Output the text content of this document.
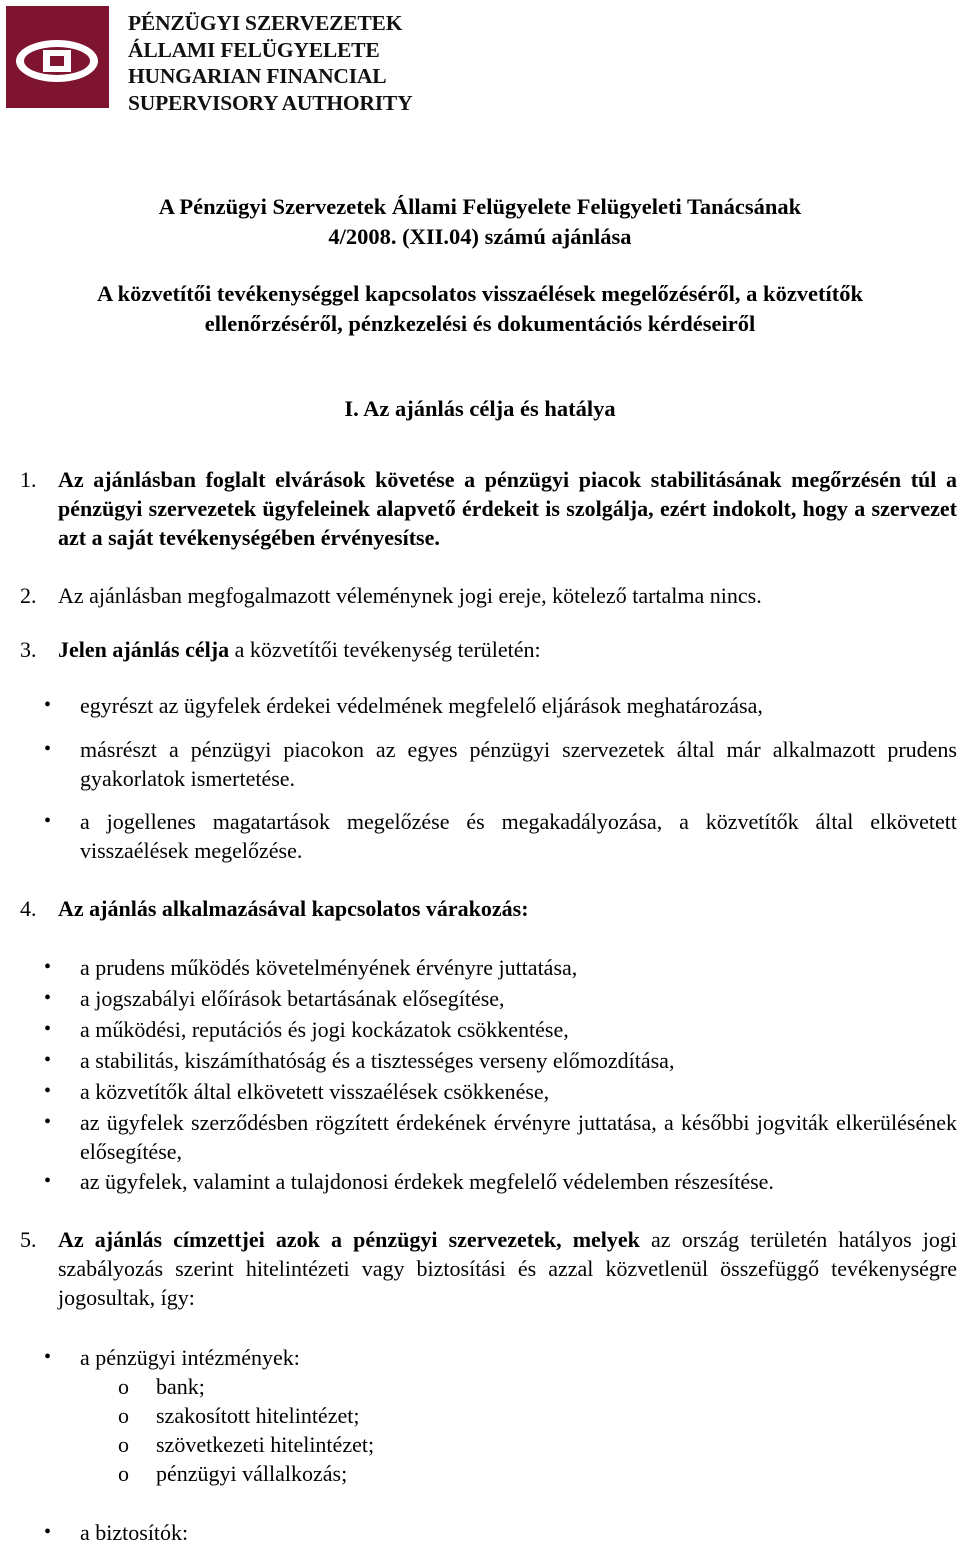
PÉNZÜGYI SZERVEZETEK
ÁLLAMI FELÜGYELETE
HUNGARIAN FINANCIAL
SUPERVISORY AUTHORITY
A Pénzügyi Szervezetek Állami Felügyelete Felügyeleti Tanácsának
4/2008. (XII.04) számú ajánlása
A közvetítői tevékenységgel kapcsolatos visszaélések megelőzéséről, a közvetítők
ellenőrzéséről, pénzkezelési és dokumentációs kérdéseiről
I. Az ajánlás célja és hatálya
1. Az ajánlásban foglalt elvárások követése a pénzügyi piacok stabilitásának megőrzésén túl a pénzügyi szervezetek ügyfeleinek alapvető érdekeit is szolgálja, ezért indokolt, hogy a szervezet azt a saját tevékenységében érvényesítse.
2. Az ajánlásban megfogalmazott véleménynek jogi ereje, kötelező tartalma nincs.
3. Jelen ajánlás célja a közvetítői tevékenység területén:
• egyrészt az ügyfelek érdekei védelmének megfelelő eljárások meghatározása,
• másrészt a pénzügyi piacokon az egyes pénzügyi szervezetek által már alkalmazott prudens gyakorlatok ismertetése.
• a jogellenes magatartások megelőzése és megakadályozása, a közvetítők által elkövetett visszaélések megelőzése.
4. Az ajánlás alkalmazásával kapcsolatos várakozás:
• a prudens működés követelményének érvényre juttatása,
• a jogszabályi előírások betartásának elősegítése,
• a működési, reputációs és jogi kockázatok csökkentése,
• a stabilitás, kiszámíthatóság és a tisztességes verseny előmozdítása,
• a közvetítők által elkövetett visszaélések csökkenése,
• az ügyfelek szerződésben rögzített érdekének érvényre juttatása, a későbbi jogviták elkerülésének elősegítése,
• az ügyfelek, valamint a tulajdonosi érdekek megfelelő védelemben részesítése.
5. Az ajánlás címzettjei azok a pénzügyi szervezetek, melyek az ország területén hatályos jogi szabályozás szerint hitelintézeti vagy biztosítási és azzal közvetlenül összefüggő tevékenységre jogosultak, így:
• a pénzügyi intézmények:
o bank;
o szakosított hitelintézet;
o szövetkezeti hitelintézet;
o pénzügyi vállalkozás;
• a biztosítók:
